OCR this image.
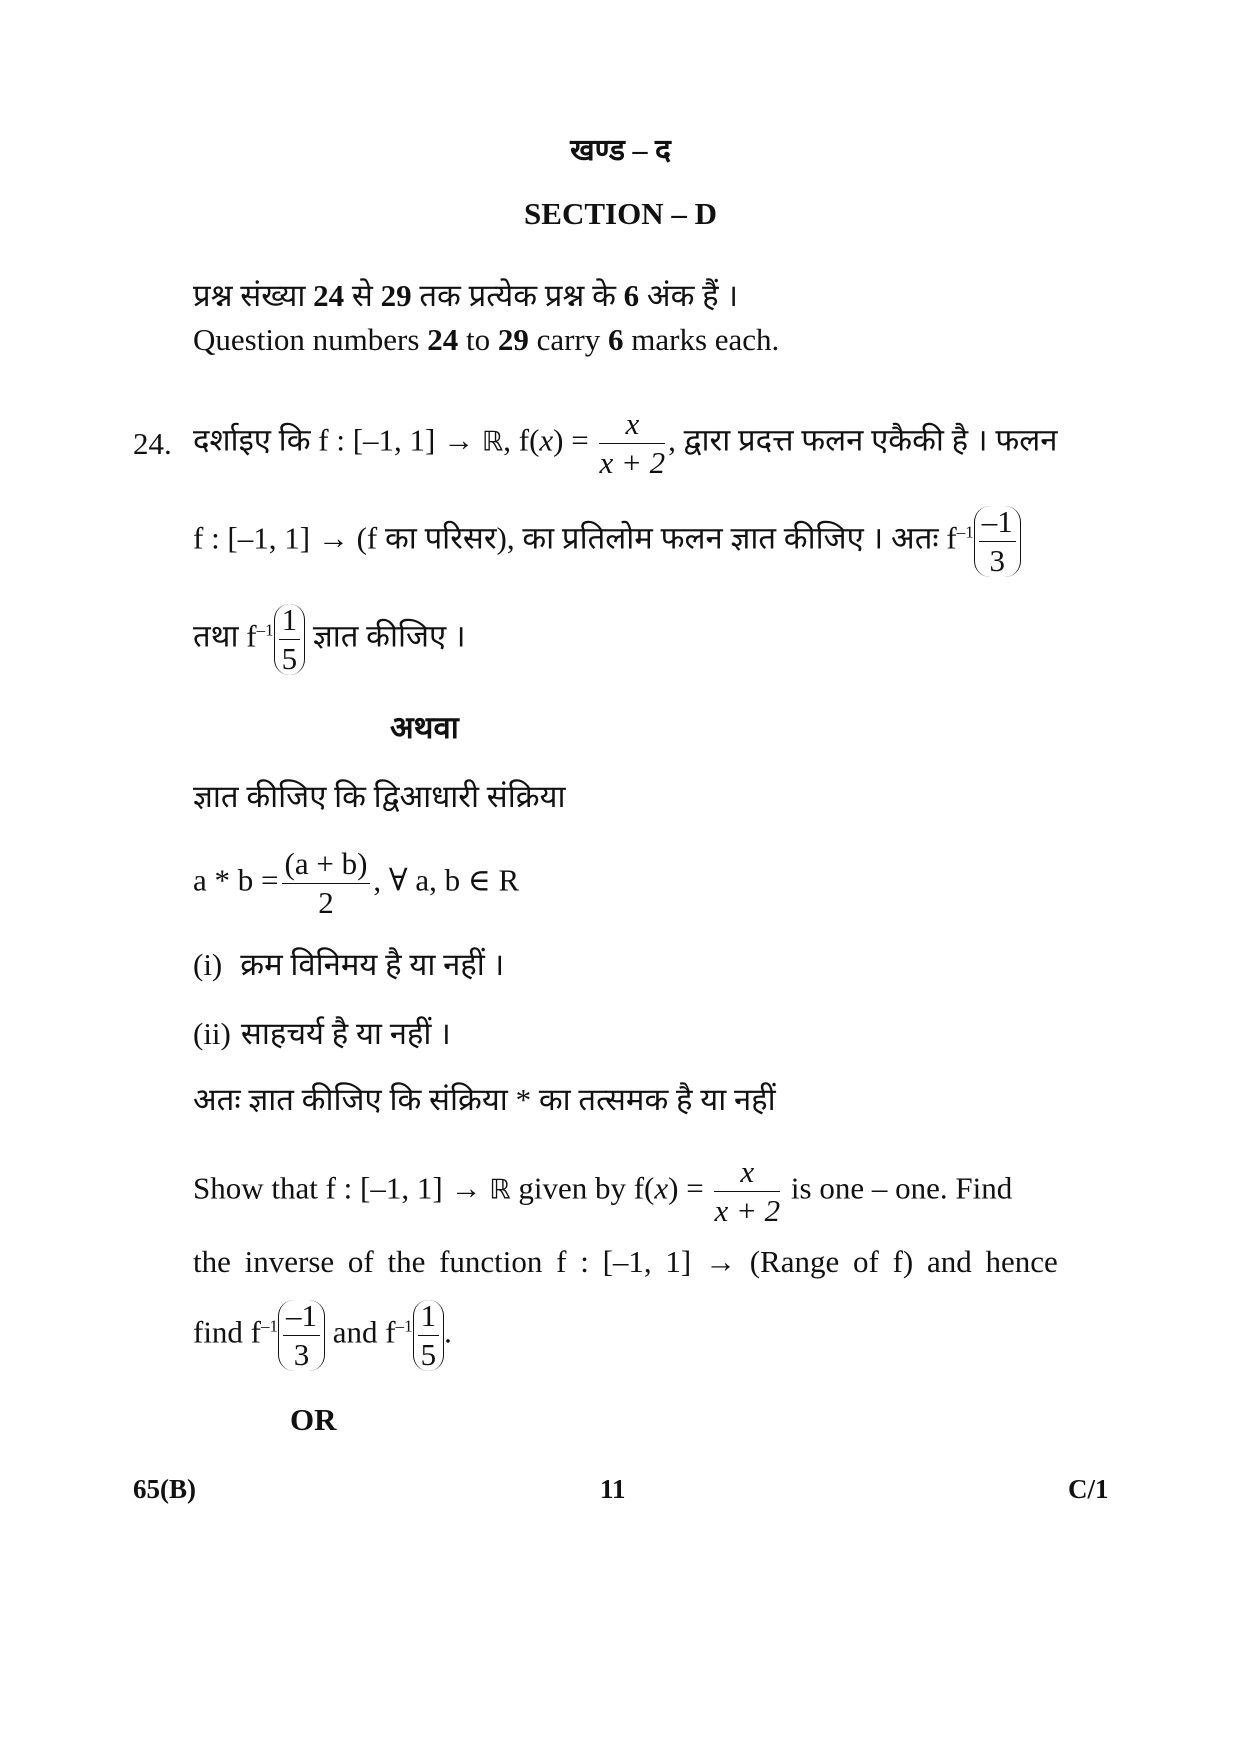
खण्ड – द
SECTION – D
प्रश्न संख्या 24 से 29 तक प्रत्येक प्रश्न के 6 अंक हैं ।
Question numbers 24 to 29 carry 6 marks each.
24. दर्शाइए कि f : [–1, 1] → ℝ, $f(x) = \frac{x}{x + 2}$ , द्वारा प्रदत्त फलन एकैकी है । फलन
f : [–1, 1] → (f का परिसर), का प्रतिलोम फलन ज्ञात कीजिए । अतः $f^{-1} \frac{-1}{3}$
तथा $f^{-1} \frac{1}{5}$ ज्ञात कीजिए ।
अथवा
ज्ञात कीजिए कि द्विआधारी संक्रिया
$a * b = \frac{(a + b)}{2}$ , ∀ a, b ∈ R
(i) क्रम विनिमय है या नहीं ।
(ii) साहचर्य है या नहीं ।
अतः ज्ञात कीजिए कि संक्रिया * का तत्समक है या नहीं
Show that f : [–1, 1] → ℝ given by $f(x) = \frac{x}{x + 2}$ is one – one. Find
the inverse of the function f : [–1, 1] → (Range of f) and hence
find $f^{-1} \frac{-1}{3}$ and $f^{-1} \frac{1}{5}$ .
OR
65(B)	11	C/1
